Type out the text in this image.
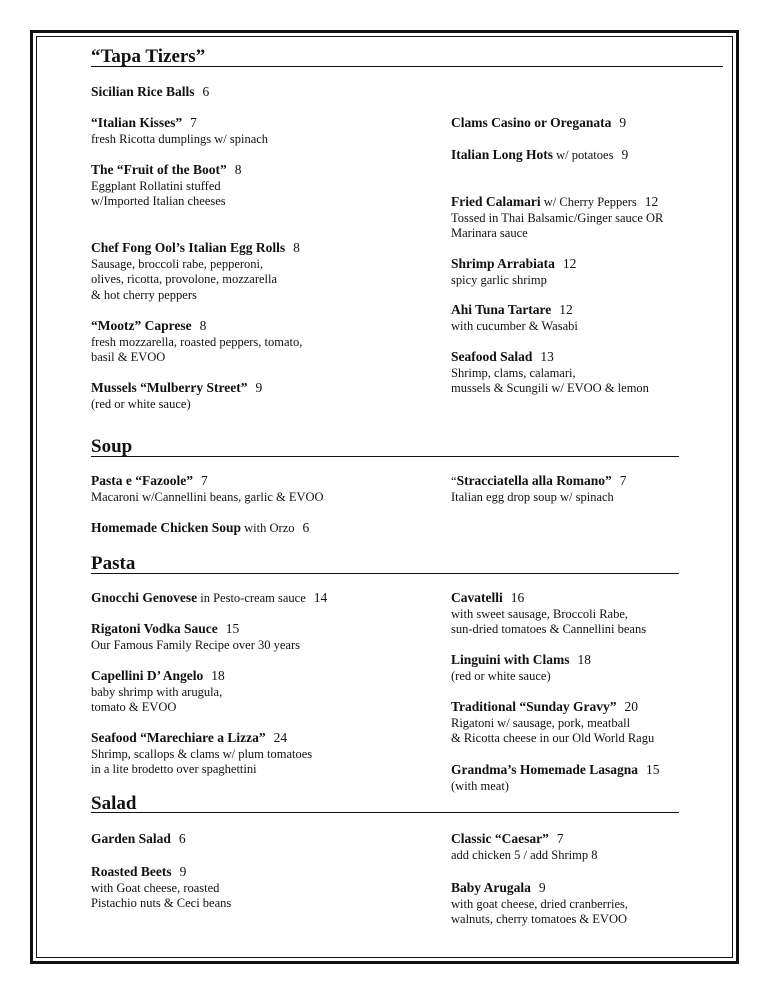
“Tapa Tizers”
Soup
Pasta
Salad
Sicilian Rice Balls 6
“Italian Kisses” 7
fresh Ricotta dumplings w/ spinach
The “Fruit of the Boot” 8
Eggplant Rollatini stuffed
w/Imported Italian cheeses
Chef Fong Ool’s Italian Egg Rolls 8
Sausage, broccoli rabe, pepperoni,
olives, ricotta, provolone, mozzarella
& hot cherry peppers
“Mootz” Caprese 8
fresh mozzarella, roasted peppers, tomato,
basil & EVOO
Mussels “Mulberry Street” 9
(red or white sauce)
Clams Casino or Oreganata 9
Italian Long Hots w/ potatoes 9
Fried Calamari w/ Cherry Peppers 12
Tossed in Thai Balsamic/Ginger sauce OR
Marinara sauce
Shrimp Arrabiata 12
spicy garlic shrimp
Ahi Tuna Tartare 12
with cucumber & Wasabi
Seafood Salad 13
Shrimp, clams, calamari,
mussels & Scungili w/ EVOO & lemon
Pasta e “Fazoole” 7
Macaroni w/Cannellini beans, garlic & EVOO
Homemade Chicken Soup with Orzo 6
“Stracciatella alla Romano” 7
Italian egg drop soup w/ spinach
Gnocchi Genovese in Pesto-cream sauce 14
Rigatoni Vodka Sauce 15
Our Famous Family Recipe over 30 years
Capellini D’ Angelo 18
baby shrimp with arugula,
tomato & EVOO
Seafood “Marechiare a Lizza” 24
Shrimp, scallops & clams w/ plum tomatoes
in a lite brodetto over spaghettini
Cavatelli 16
with sweet sausage, Broccoli Rabe,
sun-dried tomatoes & Cannellini beans
Linguini with Clams 18
(red or white sauce)
Traditional “Sunday Gravy” 20
Rigatoni w/ sausage, pork, meatball
& Ricotta cheese in our Old World Ragu
Grandma’s Homemade Lasagna 15
(with meat)
Garden Salad 6
Roasted Beets 9
with Goat cheese, roasted
Pistachio nuts & Ceci beans
Classic “Caesar” 7
add chicken 5 / add Shrimp 8
Baby Arugala 9
with goat cheese, dried cranberries,
walnuts, cherry tomatoes & EVOO
